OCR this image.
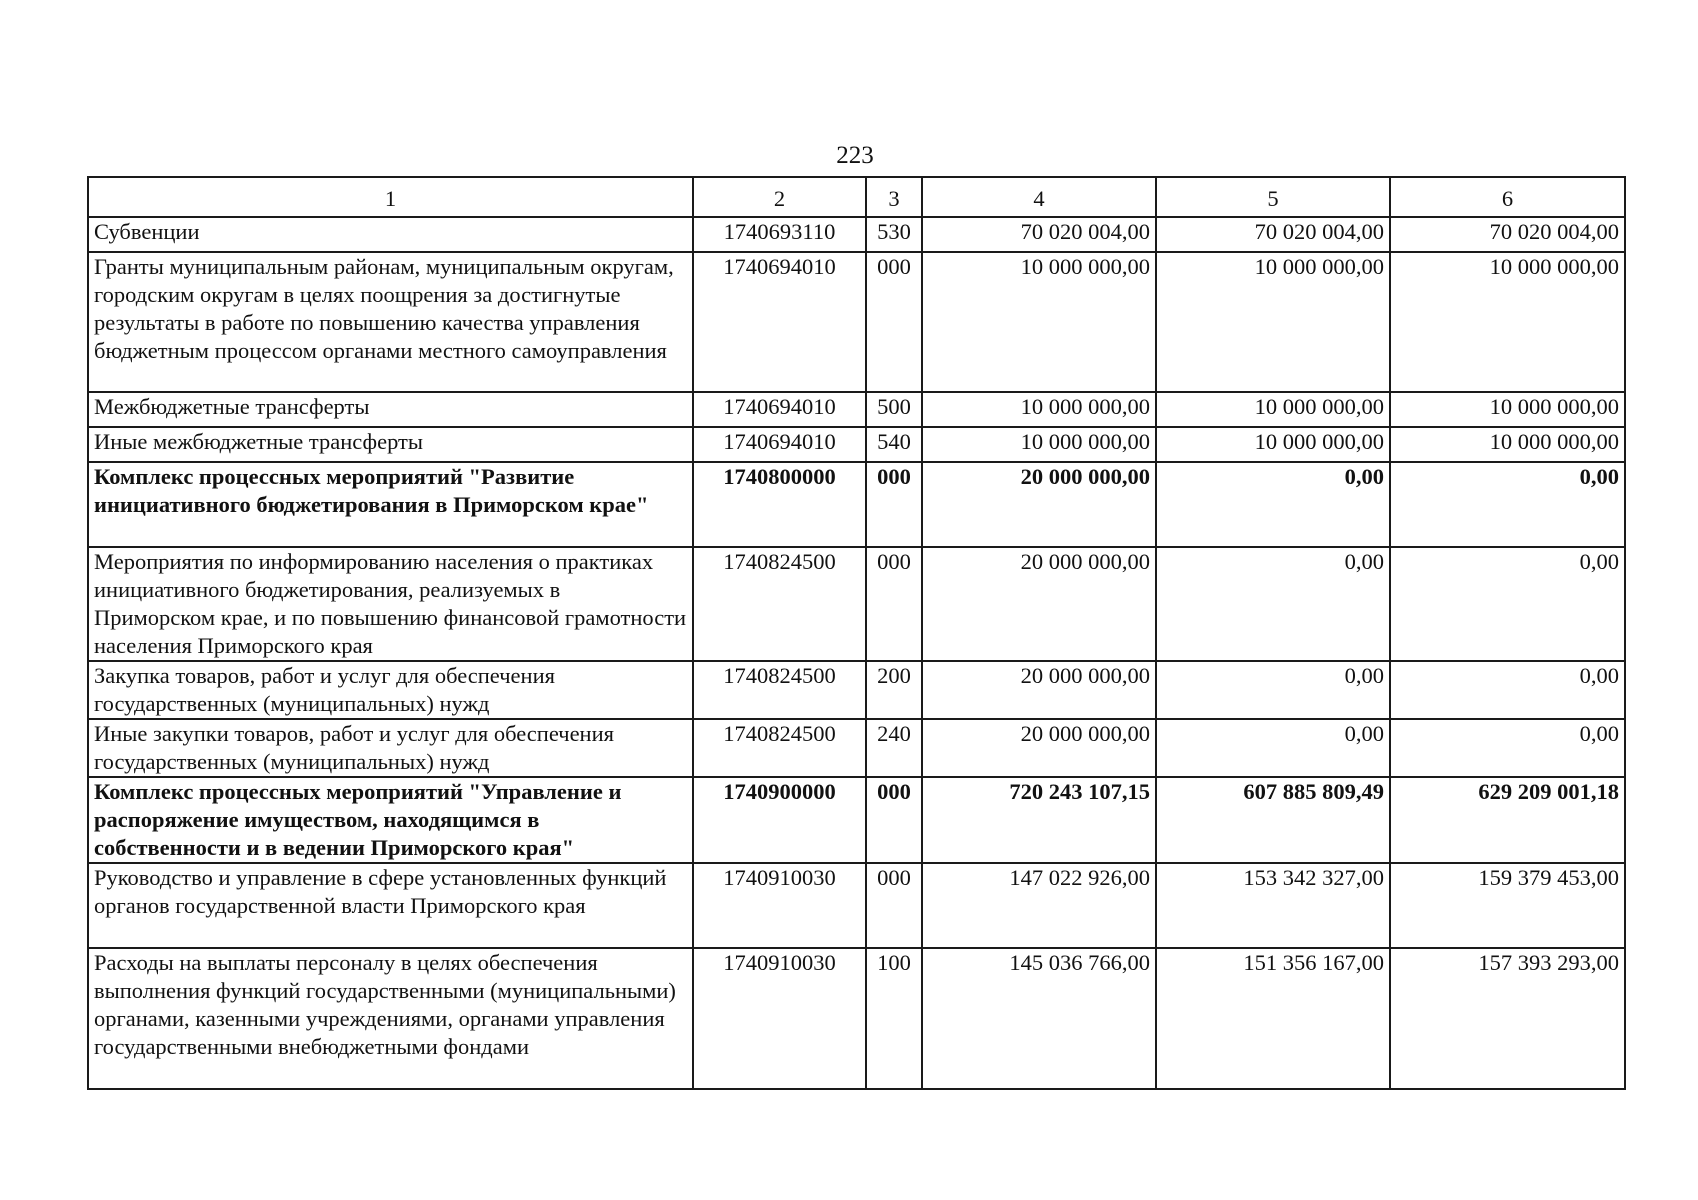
223
1	2	3	4	5	6
Субвенции	1740693110	530	70 020 004,00	70 020 004,00	70 020 004,00
Гранты муниципальным районам, муниципальным округам, городским округам в целях поощрения за достигнутые результаты в работе по повышению качества управления бюджетным процессом органами местного самоуправления	1740694010	000	10 000 000,00	10 000 000,00	10 000 000,00
Межбюджетные трансферты	1740694010	500	10 000 000,00	10 000 000,00	10 000 000,00
Иные межбюджетные трансферты	1740694010	540	10 000 000,00	10 000 000,00	10 000 000,00
Комплекс процессных мероприятий "Развитие инициативного бюджетирования в Приморском крае"	1740800000	000	20 000 000,00	0,00	0,00
Мероприятия по информированию населения о практиках инициативного бюджетирования, реализуемых в Приморском крае, и по повышению финансовой грамотности населения Приморского края	1740824500	000	20 000 000,00	0,00	0,00
Закупка товаров, работ и услуг для обеспечения государственных (муниципальных) нужд	1740824500	200	20 000 000,00	0,00	0,00
Иные закупки товаров, работ и услуг для обеспечения государственных (муниципальных) нужд	1740824500	240	20 000 000,00	0,00	0,00
Комплекс процессных мероприятий "Управление и распоряжение имуществом, находящимся в собственности и в ведении Приморского края"	1740900000	000	720 243 107,15	607 885 809,49	629 209 001,18
Руководство и управление в сфере установленных функций органов государственной власти Приморского края	1740910030	000	147 022 926,00	153 342 327,00	159 379 453,00
Расходы на выплаты персоналу в целях обеспечения выполнения функций государственными (муниципальными) органами, казенными учреждениями, органами управления государственными внебюджетными фондами	1740910030	100	145 036 766,00	151 356 167,00	157 393 293,00
